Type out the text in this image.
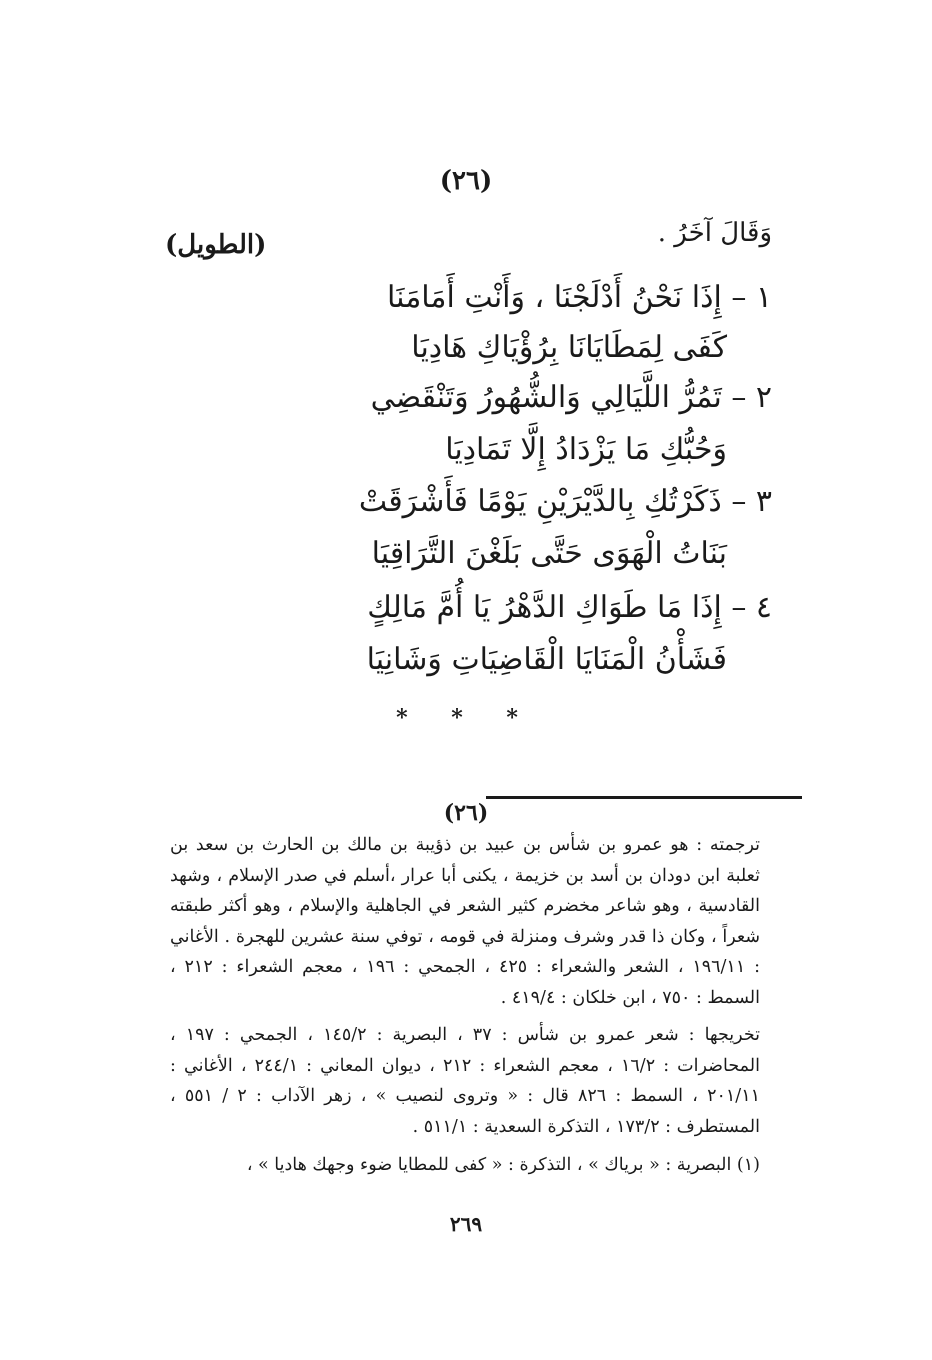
(٢٦)
وَقَالَ آخَرُ .
(الطويل)
١ – إِذَا نَحْنُ أَدْلَجْنَا ، وَأَنْتِ أَمَامَنَا
كَفَى لِمَطَايَانَا بِرُؤْيَاكِ هَادِيَا
٢ – تَمُرُّ اللَّيَالِي وَالشُّهُورُ وَتَنْقَضِي
وَحُبُّكِ مَا يَزْدَادُ إِلَّا تَمَادِيَا
٣ – ذَكَرْتُكِ بِالدَّيْرَيْنِ يَوْمًا فَأَشْرَقَتْ
بَنَاتُ الْهَوَى حَتَّى بَلَغْنَ التَّرَاقِيَا
٤ – إِذَا مَا طَوَاكِ الدَّهْرُ يَا أُمَّ مَالِكٍ
فَشَأْنُ الْمَنَايَا الْقَاضِيَاتِ وَشَانِيَا
* * *
(٢٦)
ترجمته : هو عمرو بن شأس بن عبيد بن ذؤيبة بن مالك بن الحارث بن سعد بن ثعلبة ابن دودان بن أسد بن خزيمة ، يكنى أبا عرار ،أسلم في صدر الإسلام ، وشهد القادسية ، وهو شاعر مخضرم كثير الشعر في الجاهلية والإسلام ، وهو أكثر طبقته شعراً ، وكان ذا قدر وشرف ومنزلة في قومه ، توفي سنة عشرين للهجرة . الأغاني : ١٩٦/١١ ، الشعر والشعراء : ٤٢٥ ، الجمحي : ١٩٦ ، معجم الشعراء : ٢١٢ ، السمط : ٧٥٠ ، ابن خلكان : ٤١٩/٤ .
تخريجها : شعر عمرو بن شأس : ٣٧ ، البصرية : ١٤٥/٢ ، الجمحي : ١٩٧ ، المحاضرات : ١٦/٢ ، معجم الشعراء : ٢١٢ ، ديوان المعاني : ٢٤٤/١ ، الأغاني : ٢٠١/١١ ، السمط : ٨٢٦ قال : « وتروى لنصيب » ، زهر الآداب : ٢ / ٥٥١ ، المستطرف : ١٧٣/٢ ، التذكرة السعدية : ٥١١/١ .
(١) البصرية : « برياك » ، التذكرة : « كفى للمطايا ضوء وجهك هاديا » ،
٢٦٩
